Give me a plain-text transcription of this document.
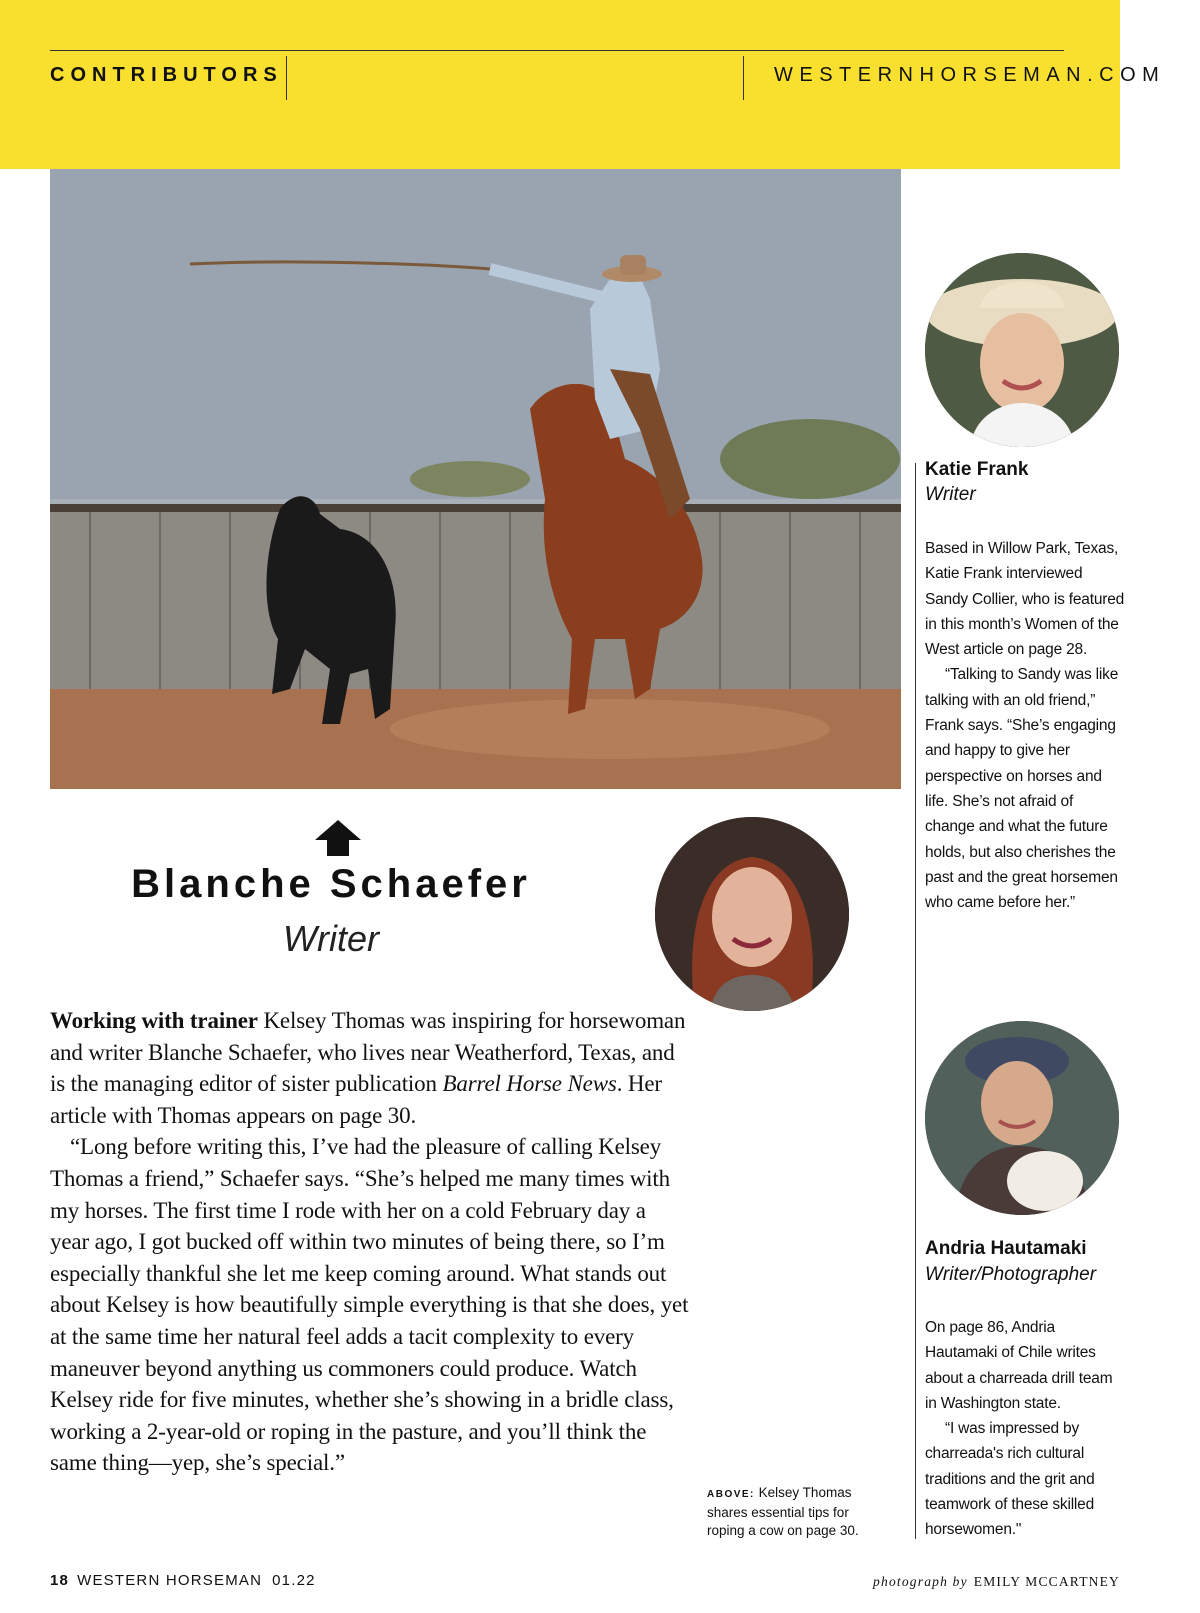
CONTRIBUTORS	WESTERNHORSEMAN.COM
Katie Frank
Writer

Based in Willow Park, Texas, Katie Frank interviewed Sandy Collier, who is featured in this month’s Women of the West article on page 28.

“Talking to Sandy was like talking with an old friend,” Frank says. “She’s engaging and happy to give her perspective on horses and life. She’s not afraid of change and what the future holds, but also cherishes the past and the great horsemen who came before her.”

Andria Hautamaki
Writer/Photographer

On page 86, Andria Hautamaki of Chile writes about a charreada drill team in Washington state.

“I was impressed by charreada's rich cultural traditions and the grit and teamwork of these skilled horsewomen."

Blanche Schaefer
Writer

Working with trainer Kelsey Thomas was inspiring for horsewoman and writer Blanche Schaefer, who lives near Weatherford, Texas, and is the managing editor of sister publication Barrel Horse News. Her article with Thomas appears on page 30.

“Long before writing this, I’ve had the pleasure of calling Kelsey Thomas a friend,” Schaefer says. “She’s helped me many times with my horses. The first time I rode with her on a cold February day a year ago, I got bucked off within two minutes of being there, so I’m especially thankful she let me keep coming around. What stands out about Kelsey is how beautifully simple everything is that she does, yet at the same time her natural feel adds a tacit complexity to every maneuver beyond anything us commoners could produce. Watch Kelsey ride for five minutes, whether she’s showing in a bridle class, working a 2-year-old or roping in the pasture, and you’ll think the same thing—yep, she’s special.”

ABOVE: Kelsey Thomas shares essential tips for roping a cow on page 30.
18 WESTERN HORSEMAN 01.22	photograph by EMILY MCCARTNEY
